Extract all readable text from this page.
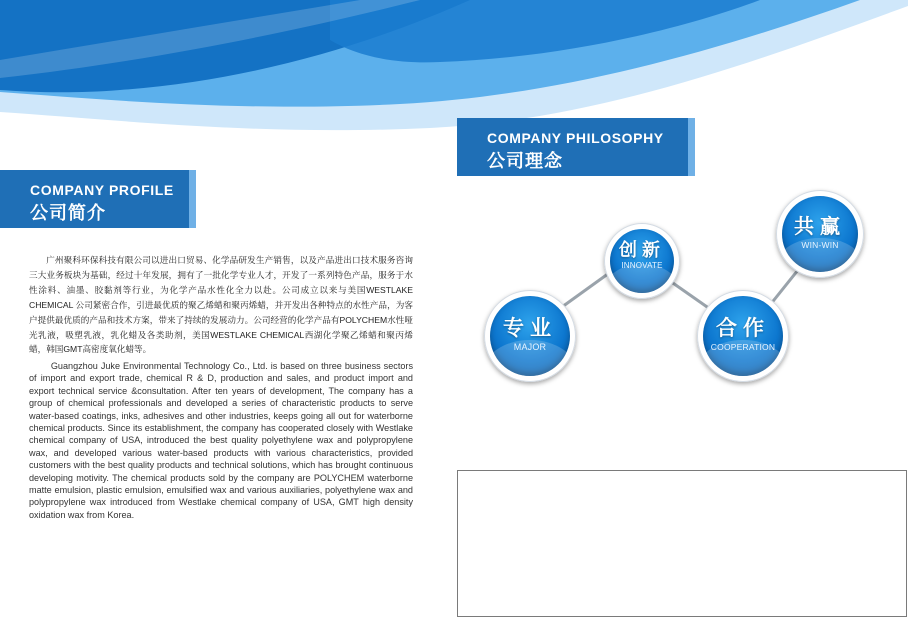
COMPANY PROFILE
公司简介
广州聚科环保科技有限公司以进出口贸易、化学品研发生产销售，以及产品进出口技术服务咨询三大业务板块为基础，经过十年发展，拥有了一批化学专业人才，开发了一系列特色产品，服务于水性涂料、油墨、胶黏剂等行业，为化学产品水性化全力以赴。公司成立以来与美国WESTLAKE CHEMICAL 公司紧密合作，引进最优质的聚乙烯蜡和聚丙烯蜡，并开发出各种特点的水性产品，为客户提供最优质的产品和技术方案，带来了持续的发展动力。公司经营的化学产品有POLYCHEM水性哑光乳液，吸塑乳液，乳化蜡及各类助剂，美国WESTLAKE CHEMICAL西湖化学聚乙烯蜡和聚丙烯蜡，韩国GMT高密度氧化蜡等。
Guangzhou Juke Environmental Technology Co., Ltd. is based on three business sectors of import and export trade, chemical R & D, production and sales, and product import and export technical service &consultation. After ten years of development, The company has a group of chemical professionals and developed a series of characteristic products to serve water-based coatings, inks, adhesives and other industries, keeps going all out for waterborne chemical products. Since its establishment, the company has cooperated closely with Westlake chemical company of USA, introduced the best quality polyethylene wax and polypropylene wax, and developed various water-based products with various characteristics, provided customers with the best quality products and technical solutions, which has brought continuous developing motivity. The chemical products sold by the company are POLYCHEM waterborne matte emulsion, plastic emulsion, emulsified wax and various auxiliaries, polyethylene wax and polypropylene wax introduced from Westlake chemical company of USA, GMT high density oxidation wax from Korea.
COMPANY PHILOSOPHY
公司理念
专业
MAJOR
创新
INNOVATE
合作
COOPERATION
共赢
WIN-WIN
